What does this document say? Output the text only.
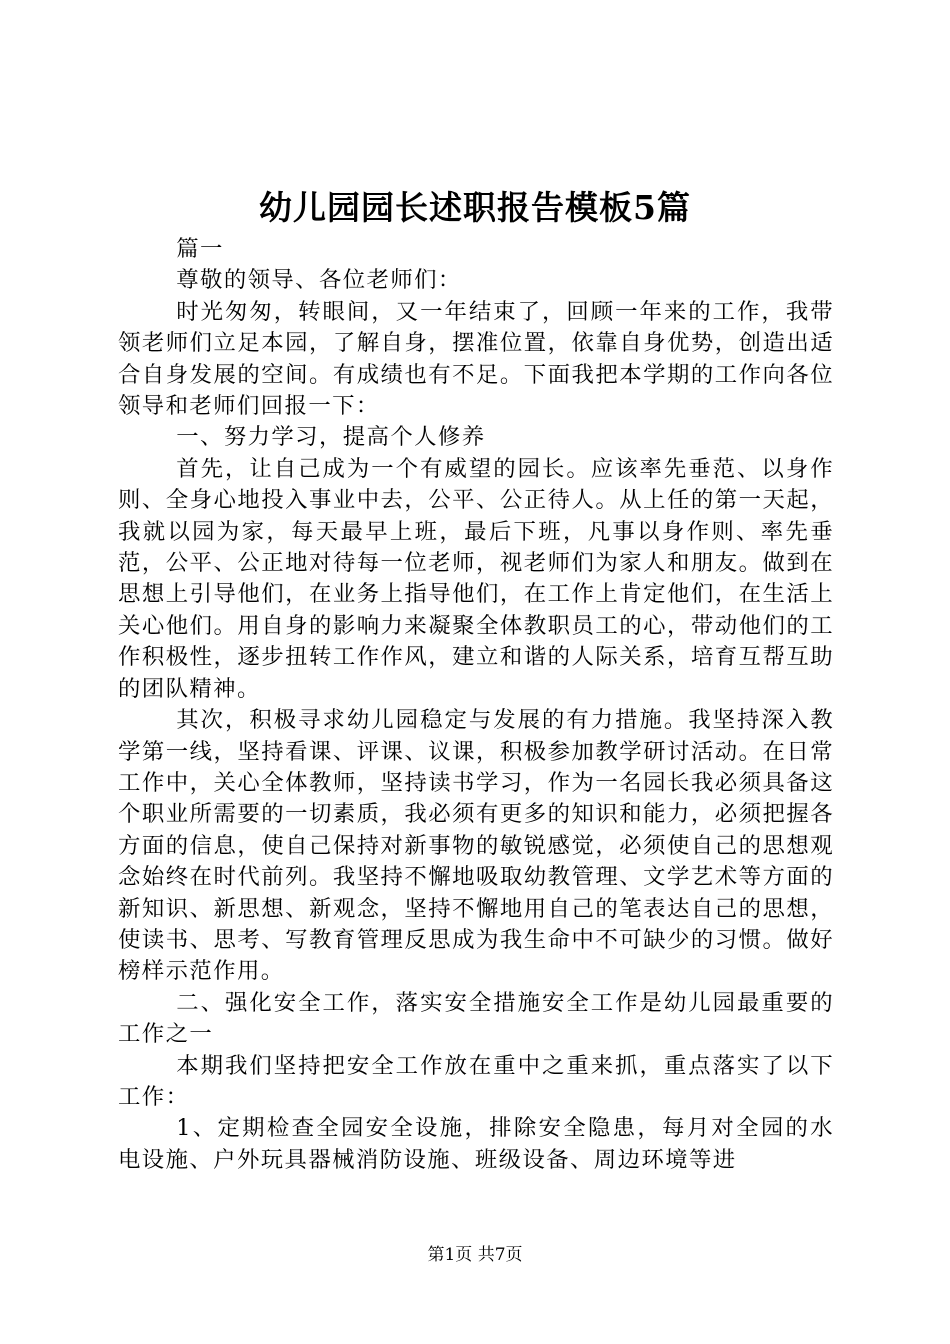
幼儿园园长述职报告模板5篇

篇一

尊敬的领导、各位老师们：

时光匆匆，转眼间，又一年结束了，回顾一年来的工作，我带领老师们立足本园，了解自身，摆准位置，依靠自身优势，创造出适合自身发展的空间。有成绩也有不足。下面我把本学期的工作向各位领导和老师们回报一下：

一、努力学习，提高个人修养

首先，让自己成为一个有威望的园长。应该率先垂范、以身作则、全身心地投入事业中去，公平、公正待人。从上任的第一天起，我就以园为家，每天最早上班，最后下班，凡事以身作则、率先垂范，公平、公正地对待每一位老师，视老师们为家人和朋友。做到在思想上引导他们，在业务上指导他们，在工作上肯定他们，在生活上关心他们。用自身的影响力来凝聚全体教职员工的心，带动他们的工作积极性，逐步扭转工作作风，建立和谐的人际关系，培育互帮互助的团队精神。

其次，积极寻求幼儿园稳定与发展的有力措施。我坚持深入教学第一线，坚持看课、评课、议课，积极参加教学研讨活动。在日常工作中，关心全体教师，坚持读书学习，作为一名园长我必须具备这个职业所需要的一切素质，我必须有更多的知识和能力，必须把握各方面的信息，使自己保持对新事物的敏锐感觉，必须使自己的思想观念始终在时代前列。我坚持不懈地吸取幼教管理、文学艺术等方面的新知识、新思想、新观念，坚持不懈地用自己的笔表达自己的思想，使读书、思考、写教育管理反思成为我生命中不可缺少的习惯。做好榜样示范作用。

二、强化安全工作，落实安全措施安全工作是幼儿园最重要的工作之一

本期我们坚持把安全工作放在重中之重来抓，重点落实了以下工作：

1、定期检查全园安全设施，排除安全隐患，每月对全园的水电设施、户外玩具器械消防设施、班级设备、周边环境等进

第1页 共7页
